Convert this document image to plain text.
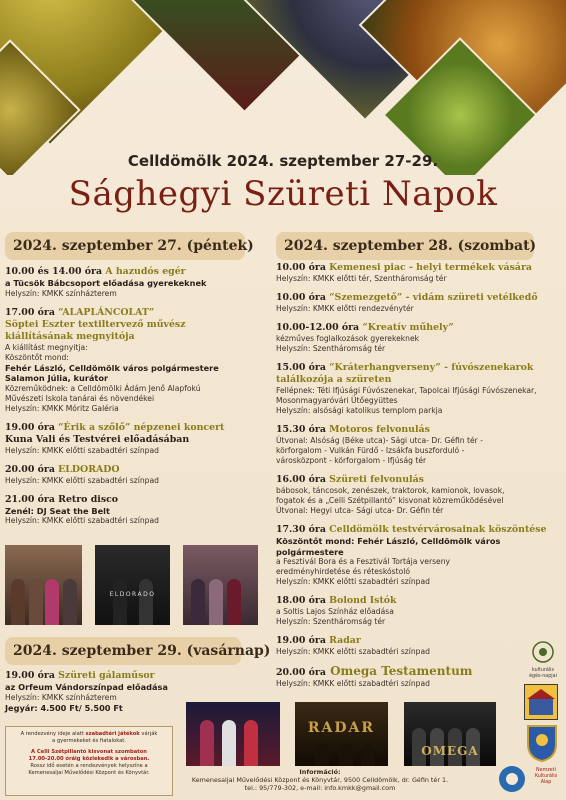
Celldömölk 2024. szeptember 27-29.
Sághegyi Szüreti Napok
2024. szeptember 27. (péntek)	2024. szeptember 28. (szombat)
2024. szeptember 29. (vasárnap)
10.00 és 14.00 óra A hazudós egér
a Tücsök Bábcsoport előadása gyerekeknek
Helyszín: KMKK színházterem
17.00 óra “ALAPLÁNCOLAT”
Söptei Eszter textiltervező művész
kiállításának megnyitója
A kiállítást megnyitja:
Köszöntőt mond:
Fehér László, Celldömölk város polgármestere
Salamon Júlia, kurátor
Közreműködnek: a Celldömölki Ádám Jenő Alapfokú
Művészeti Iskola tanárai és növendékei
Helyszín: KMKK Móritz Galéria
19.00 óra “Érik a szőlő” népzenei koncert
Kuna Vali és Testvérei előadásában
Helyszín: KMKK előtti szabadtéri színpad
20.00 óra ELDORADO
Helyszín: KMKK előtti szabadtéri színpad
21.00 óra Retro disco
Zenél: DJ Seat the Belt
Helyszín: KMKK előtti szabadtéri színpad
ELDORADO
19.00 óra Szüreti gálaműsor
az Orfeum Vándorszínpad előadása
Helyszín: KMKK színházterem
Jegyár: 4.500 Ft/ 5.500 Ft
10.00 óra Kemenesi piac - helyi termékek vására
Helyszín: KMKK előtti tér, Szentháromság tér
10.00 óra “Szemezgető” - vidám szüreti vetélkedő
Helyszín: KMKK előtti rendezvénytér
10.00-12.00 óra “Kreatív műhely”
kézműves foglalkozások gyerekeknek
Helyszín: Szentháromság tér
15.00 óra “Kráterhangverseny” - fúvószenekarok
találkozója a szüreten
Fellépnek: Téti Ifjúsági Fúvószenekar, Tapolcai Ifjúsági Fúvószenekar,
Mosonmagyaróvári Ütőegyüttes
Helyszín: alsósági katolikus templom parkja
15.30 óra Motoros felvonulás
Útvonal: Alsóság (Béke utca)- Sági utca- Dr. Géfin tér -
körforgalom - Vulkán Fürdő - Izsákfa buszforduló -
városközpont - körforgalom - Ifjúság tér
16.00 óra Szüreti felvonulás
bábosok, táncosok, zenészek, traktorok, kamionok, lovasok,
fogatok és a „Celli Szétpillantó” kisvonat közreműködésével
Útvonal: Hegyi utca- Sági utca- Dr. Géfin tér
17.30 óra Celldömölk testvérvárosainak köszöntése
Köszöntőt mond: Fehér László, Celldömölk város
polgármestere
a Fesztivál Bora és a Fesztivál Tortája verseny
eredményhirdetése és réteskóstoló
Helyszín: KMKK előtti szabadtéri színpad
18.00 óra Bolond Istók
a Soltis Lajos Színház előadása
Helyszín: Szentháromság tér
19.00 óra Radar
Helyszín: KMKK előtti szabadtéri színpad
20.00 óra Omega Testamentum
Helyszín: KMKK előtti szabadtéri színpad
RADAR
OMEGA
A rendezvény ideje alatt szabadtéri játékok várják
a gyermekeket és fiatalokat.
A Celli Szétpillantó kisvonat szombaton
17.00-20.00 óráig közlekedik a városban.
Rossz idő esetén a rendezvények helyszíne a
Kemenesaljai Művelődési Központ és Könyvtár.	Információ:
Kemenesaljai Művelődési Központ és Könyvtár, 9500 Celldömölk, dr. Géfin tér 1.
tel.: 95/779-302, e-mail: info.kmkk@gmail.com
kulturális
égés-napjai
Nemzeti
Kulturális
Alap
